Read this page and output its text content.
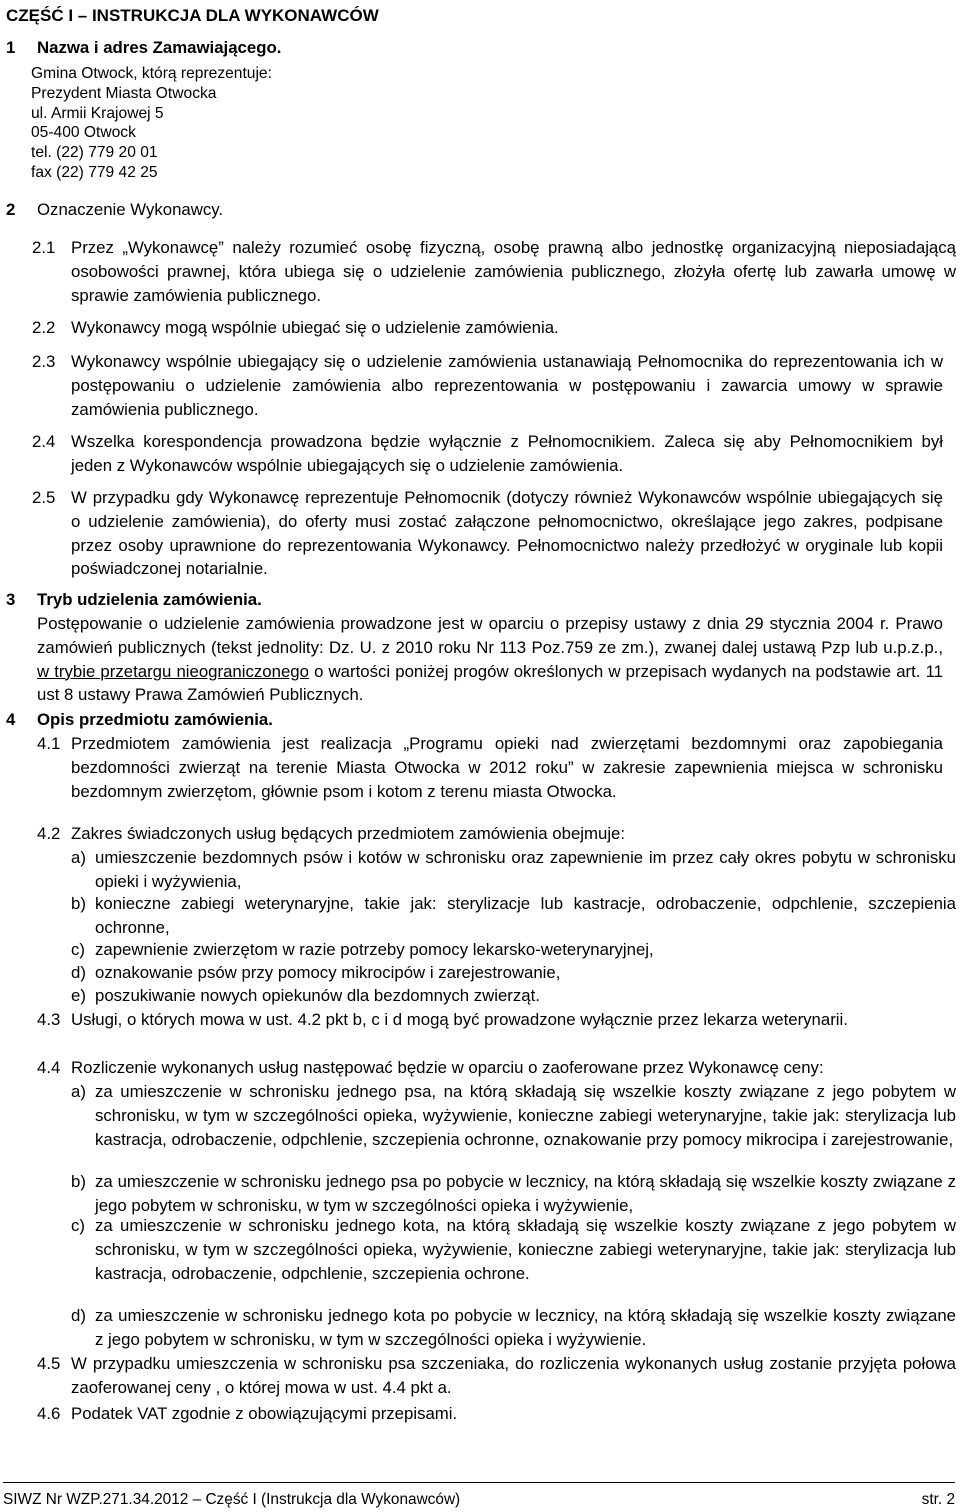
CZĘŚĆ I – INSTRUKCJA DLA WYKONAWCÓW
1 Nazwa i adres Zamawiającego.
Gmina Otwock, którą reprezentuje:
Prezydent Miasta Otwocka
ul. Armii Krajowej 5
05-400 Otwock
tel. (22) 779 20 01
fax (22) 779 42 25
2 Oznaczenie Wykonawcy.
2.1 Przez „Wykonawcę” należy rozumieć osobę fizyczną, osobę prawną albo jednostkę organizacyjną nieposiadającą osobowości prawnej, która ubiega się o udzielenie zamówienia publicznego, złożyła ofertę lub zawarła umowę w sprawie zamówienia publicznego.
2.2 Wykonawcy mogą wspólnie ubiegać się o udzielenie zamówienia.
2.3 Wykonawcy wspólnie ubiegający się o udzielenie zamówienia ustanawiają Pełnomocnika do reprezentowania ich w postępowaniu o udzielenie zamówienia albo reprezentowania w postępowaniu i zawarcia umowy w sprawie zamówienia publicznego.
2.4 Wszelka korespondencja prowadzona będzie wyłącznie z Pełnomocnikiem. Zaleca się aby Pełnomocnikiem był jeden z Wykonawców wspólnie ubiegających się o udzielenie zamówienia.
2.5 W przypadku gdy Wykonawcę reprezentuje Pełnomocnik (dotyczy również Wykonawców wspólnie ubiegających się o udzielenie zamówienia), do oferty musi zostać załączone pełnomocnictwo, określające jego zakres, podpisane przez osoby uprawnione do reprezentowania Wykonawcy. Pełnomocnictwo należy przedłożyć w oryginale lub kopii poświadczonej notarialnie.
3 Tryb udzielenia zamówienia.
Postępowanie o udzielenie zamówienia prowadzone jest w oparciu o przepisy ustawy z dnia 29 stycznia 2004 r. Prawo zamówień publicznych (tekst jednolity: Dz. U. z 2010 roku Nr 113 Poz.759 ze zm.), zwanej dalej ustawą Pzp lub u.p.z.p., w trybie przetargu nieograniczonego o wartości poniżej progów określonych w przepisach wydanych na podstawie art. 11 ust 8 ustawy Prawa Zamówień Publicznych.
4 Opis przedmiotu zamówienia.
4.1 Przedmiotem zamówienia jest realizacja „Programu opieki nad zwierzętami bezdomnymi oraz zapobiegania bezdomności zwierząt na terenie Miasta Otwocka w 2012 roku” w zakresie zapewnienia miejsca w schronisku bezdomnym zwierzętom, głównie psom i kotom z terenu miasta Otwocka.
4.2 Zakres świadczonych usług będących przedmiotem zamówienia obejmuje:
a) umieszczenie bezdomnych psów i kotów w schronisku oraz zapewnienie im przez cały okres pobytu w schronisku opieki i wyżywienia,
b) konieczne zabiegi weterynaryjne, takie jak: sterylizacje lub kastracje, odrobaczenie, odpchlenie, szczepienia ochronne,
c) zapewnienie zwierzętom w razie potrzeby pomocy lekarsko-weterynaryjnej,
d) oznakowanie psów przy pomocy mikrocipów i zarejestrowanie,
e) poszukiwanie nowych opiekunów dla bezdomnych zwierząt.
4.3 Usługi, o których mowa w ust. 4.2 pkt b, c i d mogą być prowadzone wyłącznie przez lekarza weterynarii.
4.4 Rozliczenie wykonanych usług następować będzie w oparciu o zaoferowane przez Wykonawcę ceny:
a) za umieszczenie w schronisku jednego psa, na którą składają się wszelkie koszty związane z jego pobytem w schronisku, w tym w szczególności opieka, wyżywienie, konieczne zabiegi weterynaryjne, takie jak: sterylizacja lub kastracja, odrobaczenie, odpchlenie, szczepienia ochronne, oznakowanie przy pomocy mikrocipa i zarejestrowanie,
b) za umieszczenie w schronisku jednego psa po pobycie w lecznicy, na którą składają się wszelkie koszty związane z jego pobytem w schronisku, w tym w szczególności opieka i wyżywienie,
c) za umieszczenie w schronisku jednego kota, na którą składają się wszelkie koszty związane z jego pobytem w schronisku, w tym w szczególności opieka, wyżywienie, konieczne zabiegi weterynaryjne, takie jak: sterylizacja lub kastracja, odrobaczenie, odpchlenie, szczepienia ochrone.
d) za umieszczenie w schronisku jednego kota po pobycie w lecznicy, na którą składają się wszelkie koszty związane z jego pobytem w schronisku, w tym w szczególności opieka i wyżywienie.
4.5 W przypadku umieszczenia w schronisku psa szczeniaka, do rozliczenia wykonanych usług zostanie przyjęta połowa zaoferowanej ceny , o której mowa w ust. 4.4 pkt a.
4.6 Podatek VAT zgodnie z obowiązującymi przepisami.
SIWZ Nr WZP.271.34.2012 – Część I (Instrukcja dla Wykonawców)	str. 2
